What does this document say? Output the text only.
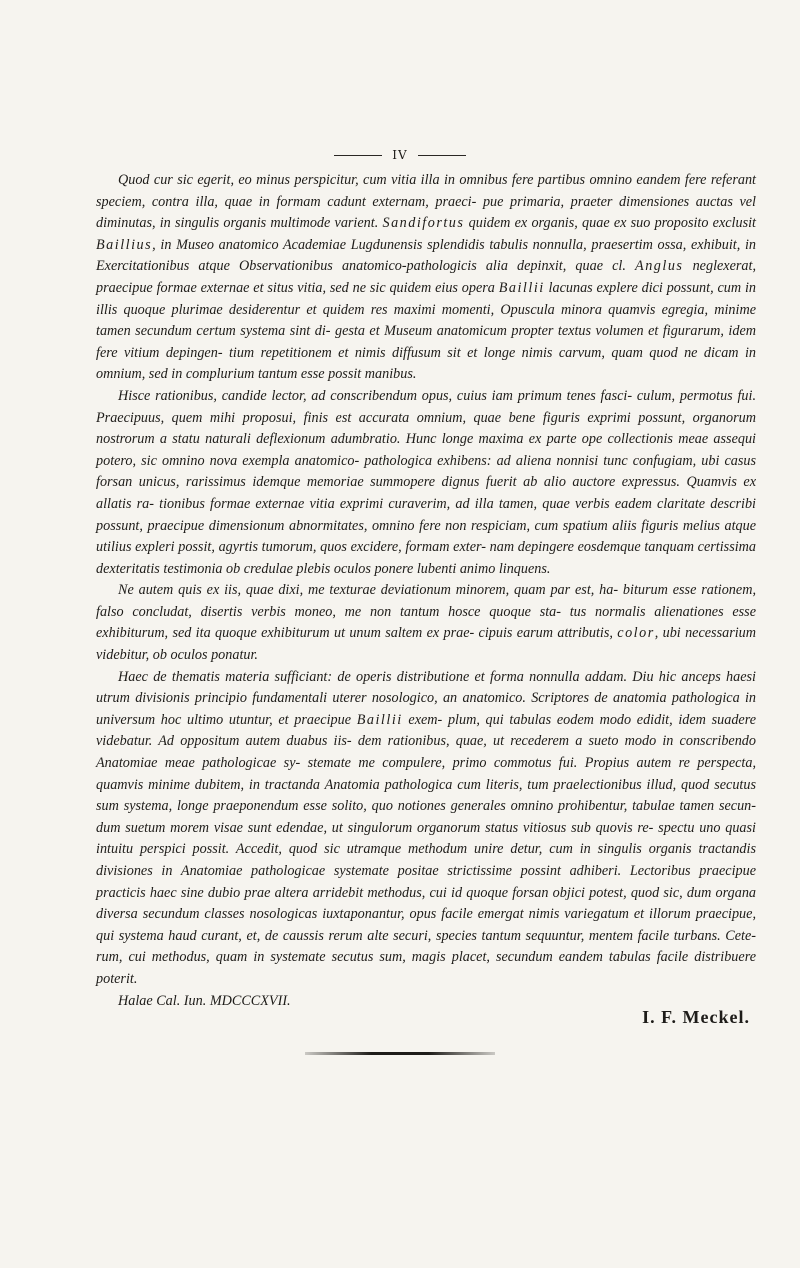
IV

Quod cur sic egerit, eo minus perspicitur, cum vitia illa in omnibus fere partibus omnino eandem fere referant speciem, contra illa, quae in formam cadunt externam, praeci- pue primaria, praeter dimensiones auctas vel diminutas, in singulis organis multimode varient. Sandifortus quidem ex organis, quae ex suo proposito exclusit Baillius, in Museo anatomico Academiae Lugdunensis splendidis tabulis nonnulla, praesertim ossa, exhibuit, in Exercitationibus atque Observationibus anatomico-pathologicis alia depinxit, quae cl. Anglus neglexerat, praecipue formae externae et situs vitia, sed ne sic quidem eius opera Baillii lacunas explere dici possunt, cum in illis quoque plurimae desiderentur et quidem res maximi momenti, Opuscula minora quamvis egregia, minime tamen secundum certum systema sint di- gesta et Museum anatomicum propter textus volumen et figurarum, idem fere vitium depingen- tium repetitionem et nimis diffusum sit et longe nimis carvum, quam quod ne dicam in omnium, sed in complurium tantum esse possit manibus.

Hisce rationibus, candide lector, ad conscribendum opus, cuius iam primum tenes fasci- culum, permotus fui. Praecipuus, quem mihi proposui, finis est accurata omnium, quae bene figuris exprimi possunt, organorum nostrorum a statu naturali deflexionum adumbratio. Hunc longe maxima ex parte ope collectionis meae assequi potero, sic omnino nova exempla anatomico- pathologica exhibens: ad aliena nonnisi tunc confugiam, ubi casus forsan unicus, rarissimus idemque memoriae summopere dignus fuerit ab alio auctore expressus. Quamvis ex allatis ra- tionibus formae externae vitia exprimi curaverim, ad illa tamen, quae verbis eadem claritate describi possunt, praecipue dimensionum abnormitates, omnino fere non respiciam, cum spatium aliis figuris melius atque utilius expleri possit, agyrtis tumorum, quos excidere, formam exter- nam depingere eosdemque tanquam certissima dexteritatis testimonia ob credulae plebis oculos ponere lubenti animo linquens.

Ne autem quis ex iis, quae dixi, me texturae deviationum minorem, quam par est, ha- biturum esse rationem, falso concludat, disertis verbis moneo, me non tantum hosce quoque sta- tus normalis alienationes esse exhibiturum, sed ita quoque exhibiturum ut unum saltem ex prae- cipuis earum attributis, color, ubi necessarium videbitur, ob oculos ponatur.

Haec de thematis materia sufficiant: de operis distributione et forma nonnulla addam. Diu hic anceps haesi utrum divisionis principio fundamentali uterer nosologico, an anatomico. Scriptores de anatomia pathologica in universum hoc ultimo utuntur, et praecipue Baillii exem- plum, qui tabulas eodem modo edidit, idem suadere videbatur. Ad oppositum autem duabus iis- dem rationibus, quae, ut recederem a sueto modo in conscribendo Anatomiae meae pathologicae sy- stemate me compulere, primo commotus fui. Propius autem re perspecta, quamvis minime dubitem, in tractanda Anatomia pathologica cum literis, tum praelectionibus illud, quod secutus sum systema, longe praeponendum esse solito, quo notiones generales omnino prohibentur, tabulae tamen secun- dum suetum morem visae sunt edendae, ut singulorum organorum status vitiosus sub quovis re- spectu uno quasi intuitu perspici possit. Accedit, quod sic utramque methodum unire detur, cum in singulis organis tractandis divisiones in Anatomiae pathologicae systemate positae strictissime possint adhiberi. Lectoribus praecipue practicis haec sine dubio prae altera arridebit methodus, cui id quoque forsan objici potest, quod sic, dum organa diversa secundum classes nosologicas iuxtaponantur, opus facile emergat nimis variegatum et illorum praecipue, qui systema haud curant, et, de caussis rerum alte securi, species tantum sequuntur, mentem facile turbans. Cete- rum, cui methodus, quam in systemate secutus sum, magis placet, secundum eandem tabulas facile distribuere poterit.

Halae Cal. Iun. MDCCCXVII.
I. F. Meckel.
